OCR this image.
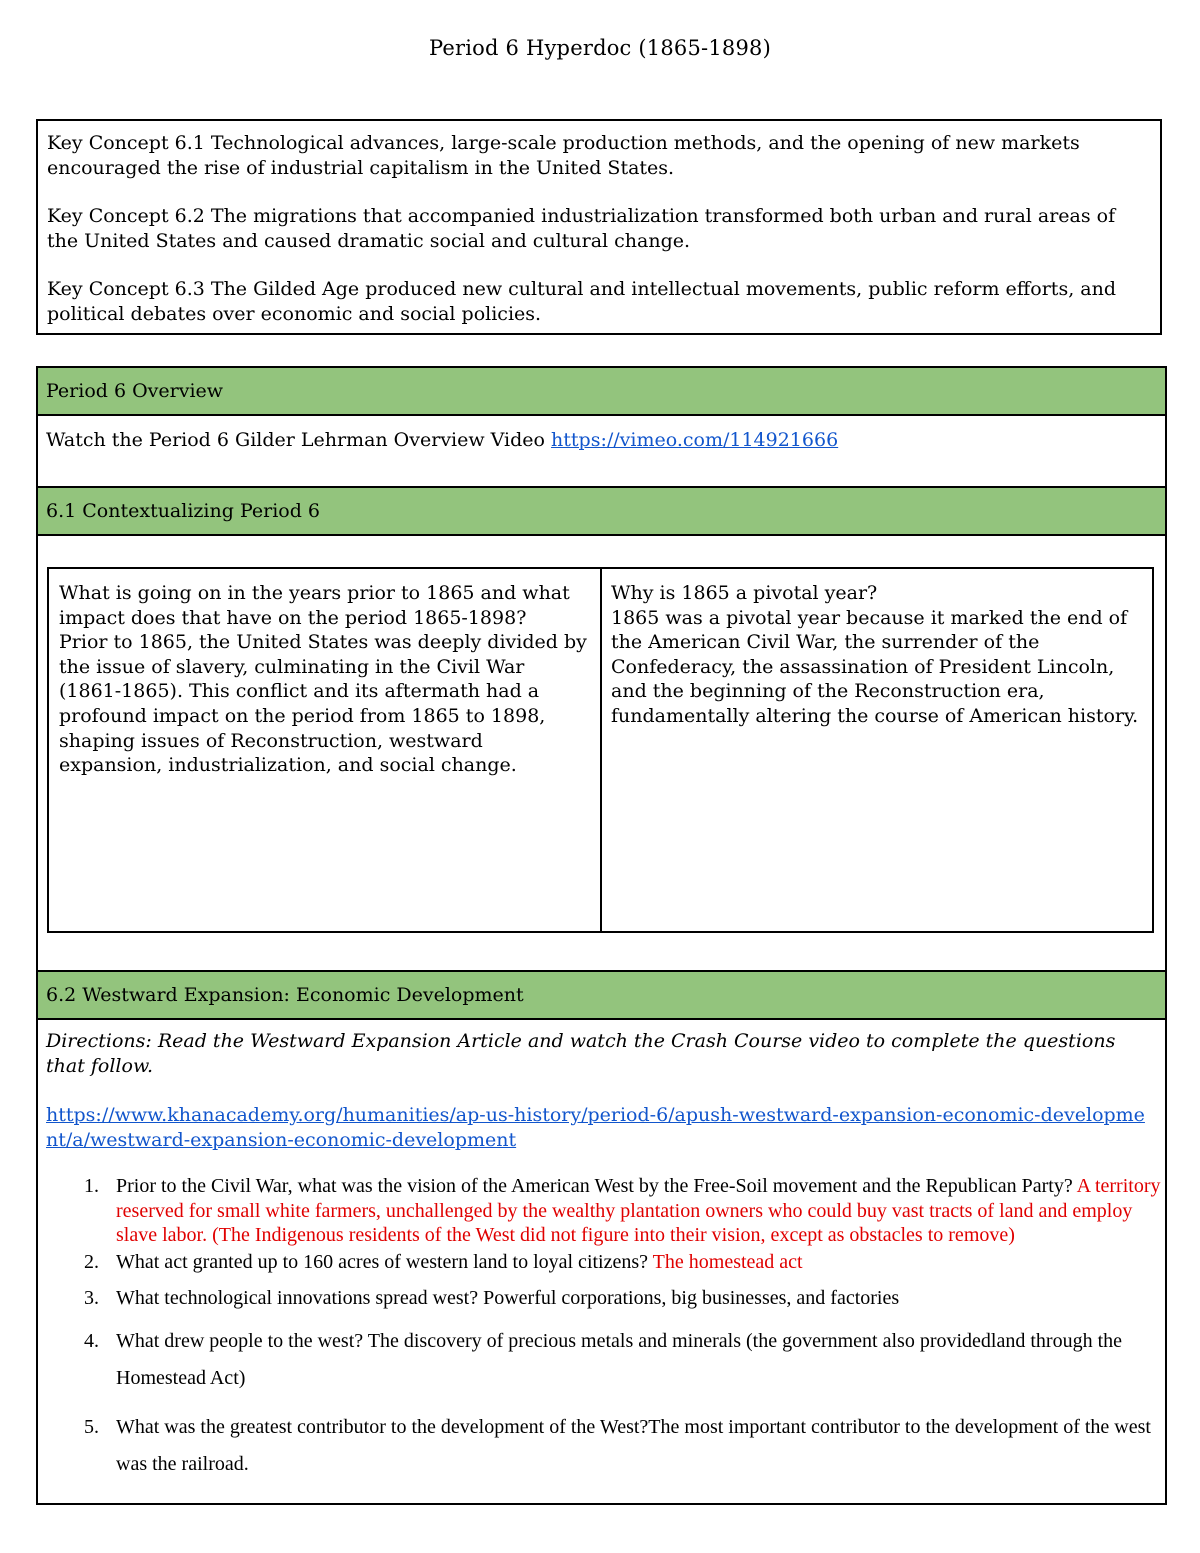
Period 6 Hyperdoc (1865-1898)

Key Concept 6.1 Technological advances, large-scale production methods, and the opening of new markets encouraged the rise of industrial capitalism in the United States.

Key Concept 6.2 The migrations that accompanied industrialization transformed both urban and rural areas of the United States and caused dramatic social and cultural change.

Key Concept 6.3 The Gilded Age produced new cultural and intellectual movements, public reform efforts, and political debates over economic and social policies.

Period 6 Overview
Watch the Period 6 Gilder Lehrman Overview Video https://vimeo.com/114921666
6.1 Contextualizing Period 6
What is going on in the years prior to 1865 and what impact does that have on the period 1865-1898?
Prior to 1865, the United States was deeply divided by the issue of slavery, culminating in the Civil War (1861-1865). This conflict and its aftermath had a profound impact on the period from 1865 to 1898, shaping issues of Reconstruction, westward expansion, industrialization, and social change.
Why is 1865 a pivotal year?
1865 was a pivotal year because it marked the end of the American Civil War, the surrender of the Confederacy, the assassination of President Lincoln, and the beginning of the Reconstruction era, fundamentally altering the course of American history.
6.2 Westward Expansion: Economic Development
Directions: Read the Westward Expansion Article and watch the Crash Course video to complete the questions that follow.
https://www.khanacademy.org/humanities/ap-us-history/period-6/apush-westward-expansion-economic-development/a/westward-expansion-economic-development
1. Prior to the Civil War, what was the vision of the American West by the Free-Soil movement and the Republican Party? A territory reserved for small white farmers, unchallenged by the wealthy plantation owners who could buy vast tracts of land and employ slave labor. (The Indigenous residents of the West did not figure into their vision, except as obstacles to remove)
2. What act granted up to 160 acres of western land to loyal citizens? The homestead act
3. What technological innovations spread west? Powerful corporations, big businesses, and factories
4. What drew people to the west? The discovery of precious metals and minerals (the government also providedland through the Homestead Act)
5. What was the greatest contributor to the development of the West?The most important contributor to the development of the west was the railroad.
